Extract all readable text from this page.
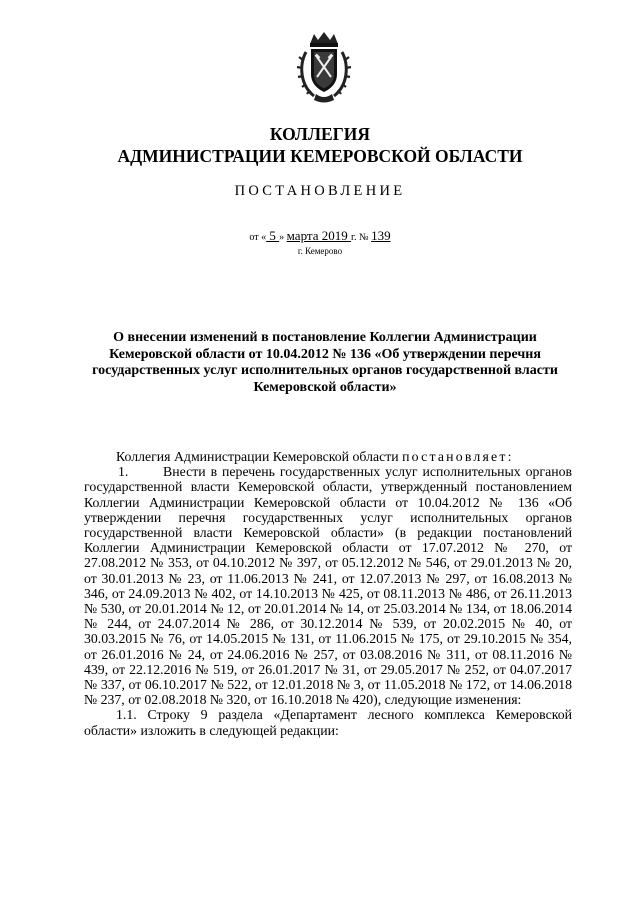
КОЛЛЕГИЯ
АДМИНИСТРАЦИИ КЕМЕРОВСКОЙ ОБЛАСТИ
ПОСТАНОВЛЕНИЕ
от « 5 » марта 2019 г. № 139
г. Кемерово
О внесении изменений в постановление Коллегии Администрации Кемеровской области от 10.04.2012 № 136 «Об утверждении перечня государственных услуг исполнительных органов государственной власти Кемеровской области»

Коллегия Администрации Кемеровской области постановляет:

1.       Внести в перечень государственных услуг исполнительных органов государственной власти Кемеровской области, утвержденный постановлением Коллегии Администрации Кемеровской области от 10.04.2012 № 136 «Об утверждении перечня государственных услуг исполнительных органов государственной власти Кемеровской области» (в редакции постановлений Коллегии Администрации Кемеровской области от 17.07.2012 № 270, от 27.08.2012 № 353, от 04.10.2012 № 397, от 05.12.2012 № 546, от 29.01.2013 № 20, от 30.01.2013 № 23, от 11.06.2013 № 241, от 12.07.2013 № 297, от 16.08.2013 № 346, от 24.09.2013 № 402, от 14.10.2013 № 425, от 08.11.2013 № 486, от 26.11.2013 № 530, от 20.01.2014 № 12, от 20.01.2014 № 14, от 25.03.2014 № 134, от 18.06.2014 № 244, от 24.07.2014 № 286, от 30.12.2014 № 539, от 20.02.2015 № 40, от 30.03.2015 № 76, от 14.05.2015 № 131, от 11.06.2015 № 175, от 29.10.2015 № 354, от 26.01.2016 № 24, от 24.06.2016 № 257, от 03.08.2016 № 311, от 08.11.2016 № 439, от 22.12.2016 № 519, от 26.01.2017 № 31, от 29.05.2017 № 252, от 04.07.2017 № 337, от 06.10.2017 № 522, от 12.01.2018 № 3, от 11.05.2018 № 172, от 14.06.2018 № 237, от 02.08.2018 № 320, от 16.10.2018 № 420), следующие изменения:

1.1. Строку 9 раздела «Департамент лесного комплекса Кемеровской области» изложить в следующей редакции:
